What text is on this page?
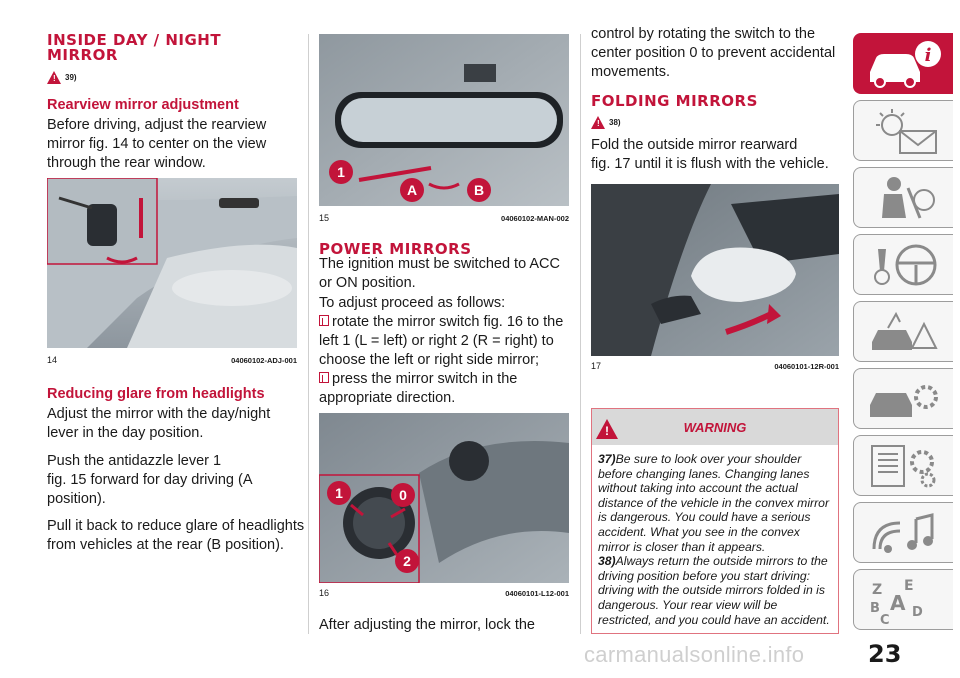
INSIDE DAY / NIGHT
MIRROR
! 39)
Rearview mirror adjustment

Before driving, adjust the rearview
mirror fig. 14 to center on the view
through the rear window.

Reducing glare from headlights

Adjust the mirror with the day/night
lever in the day position.

Push the antidazzle lever 1
fig. 15 forward for day driving (A
position).

Pull it back to reduce glare of headlights
from vehicles at the rear (B position).

14	04060102-ADJ-001
1
A	B
15	04060102-MAN-002
POWER MIRRORS

The ignition must be switched to ACC
or ON position.

To adjust proceed as follows:

rotate the mirror switch fig. 16 to the
left 1 (L = left) or right 2 (R = right) to
choose the left or right side mirror;
press the mirror switch in the
appropriate direction.

After adjusting the mirror, lock the

1	0
2
16	04060101-L12-001

control by rotating the switch to the
center position 0 to prevent accidental
movements.

FOLDING MIRRORS
! 38)

Fold the outside mirror rearward
fig. 17 until it is flush with the vehicle.

17	04060101-12R-001
!	WARNING
37)Be sure to look over your shoulder before changing lanes. Changing lanes without taking into account the actual distance of the vehicle in the convex mirror is dangerous. You could have a serious accident. What you see in the convex mirror is closer than it appears.
38)Always return the outside mirrors to the driving position before you start driving: driving with the outside mirrors folded in is dangerous. Your rear view will be restricted, and you could have an accident.
i
Z E
A
B D
C
carmanualsonline.info	23
